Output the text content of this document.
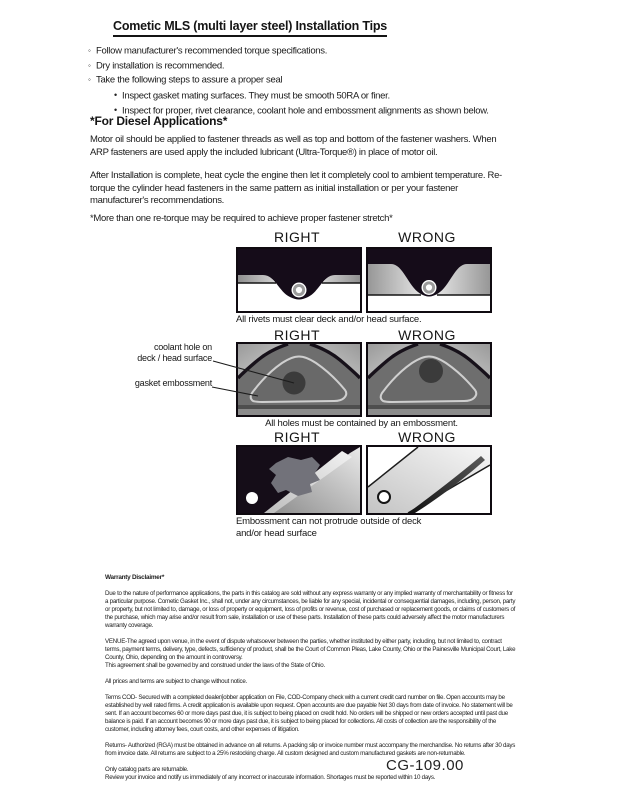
Cometic MLS (multi layer steel) Installation Tips
◦ Follow manufacturer's recommended torque specifications.
◦ Dry installation is recommended.
◦ Take the following steps to assure a proper seal
• Inspect gasket mating surfaces. They must be smooth 50RA or finer.
• Inspect for proper, rivet clearance, coolant hole and embossment alignments as shown below.
*For Diesel Applications*
Motor oil should be applied to fastener threads as well as top and bottom of the fastener washers. When ARP fasteners are used apply the included lubricant (Ultra-Torque®) in place of motor oil.
After Installation is complete, heat cycle the engine then let it completely cool to ambient temperature. Re-torque the cylinder head fasteners in the same pattern as initial installation or per your fastener manufacturer's recommendations.
*More than one re-torque may be required to achieve proper fastener stretch*
RIGHT	WRONG
All rivets must clear deck and/or head surface.
RIGHT	WRONG
coolant hole on
deck / head surface
gasket embossment
All holes must be contained by an embossment.
RIGHT	WRONG
Embossment can not protrude outside of deck and/or head surface
Warranty Disclaimer*

Due to the nature of performance applications, the parts in this catalog are sold without any express warranty or any implied warranty of merchantability or fitness for a particular purpose. Cometic Gasket Inc., shall not, under any circumstances, be liable for any special, incidental or consequential damages, including, person, party or property, but not limited to, damage, or loss of property or equipment, loss of profits or revenue, cost of purchased or replacement goods, or claims of customers of the purchase, which may arise and/or result from sale, installation or use of these parts. Installation of these parts could adversely affect the motor manufacturers warranty coverage.

VENUE-The agreed upon venue, in the event of dispute whatsoever between the parties, whether instituted by either party, including, but not limited to, contract terms, payment terms, delivery, type, defects, sufficiency of product, shall be the Court of Common Pleas, Lake County, Ohio or the Painesville Municipal Court, Lake County, Ohio, depending on the amount in controversy.

This agreement shall be governed by and construed under the laws of the State of Ohio.

All prices and terms are subject to change without notice.

Terms COD- Secured with a completed dealer/jobber application on File, COD-Company check with a current credit card number on file. Open accounts may be established by well rated firms. A credit application is available upon request. Open accounts are due payable Net 30 days from date of invoice. No statement will be sent. If an account becomes 60 or more days past due, it is subject to being placed on credit hold. No orders will be shipped or new orders accepted until past due balance is paid. If an account becomes 90 or more days past due, it is subject to being placed for collections. All costs of collection are the responsibility of the customer, including attorney fees, court costs, and other expenses of litigation.

Returns- Authorized (RGA) must be obtained in advance on all returns. A packing slip or invoice number must accompany the merchandise. No returns after 30 days from invoice date. All returns are subject to a 25% restocking charge. All custom designed and custom manufactured gaskets are non-returnable.

Only catalog parts are returnable.

Review your invoice and notify us immediately of any incorrect or inaccurate information. Shortages must be reported within 10 days.

CG-109.00
